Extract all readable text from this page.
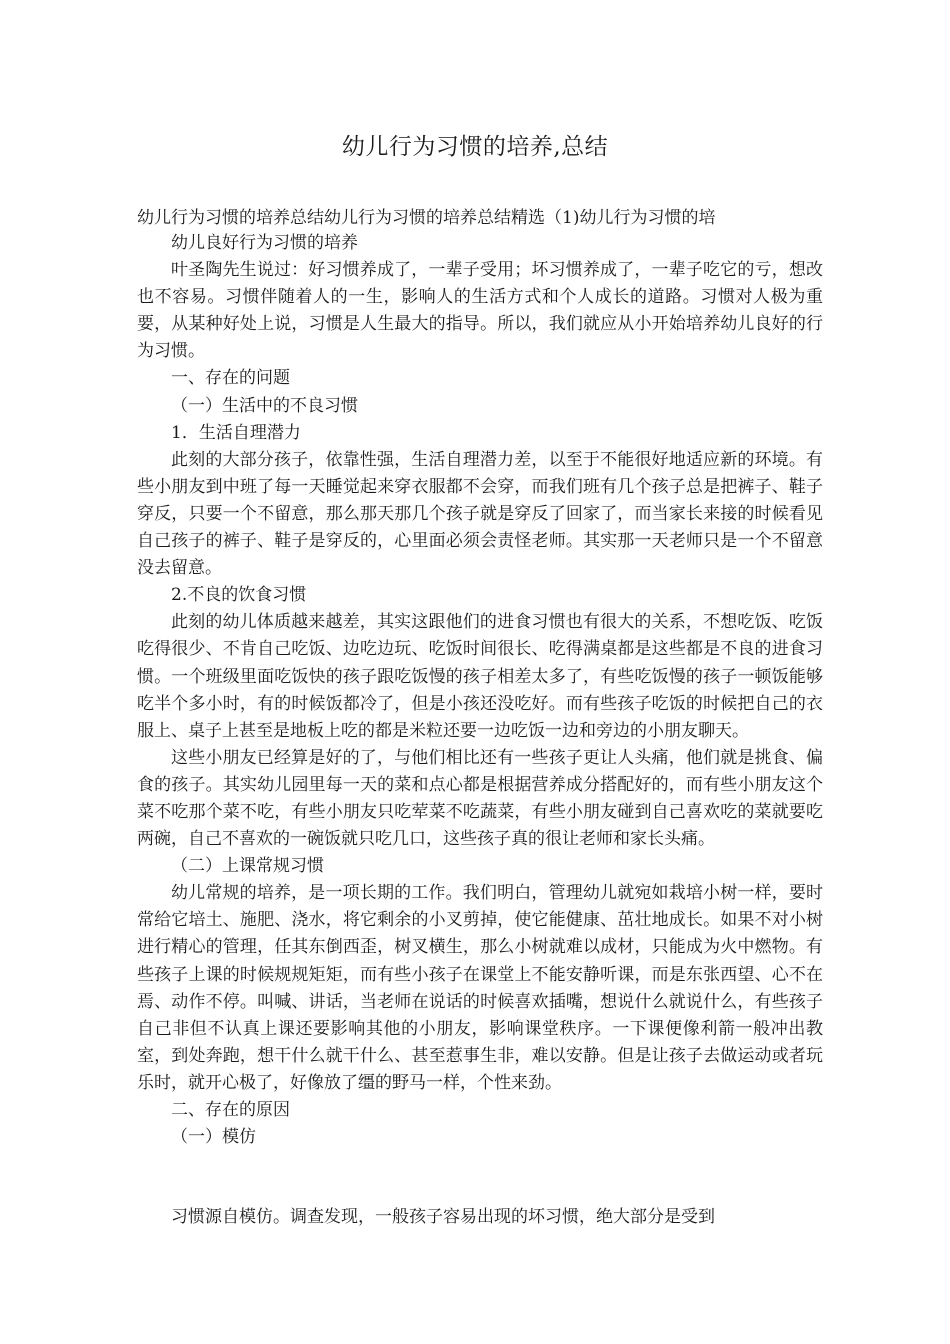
幼儿行为习惯的培养,总结
幼儿行为习惯的培养总结幼儿行为习惯的培养总结精选（1)幼儿行为习惯的培

幼儿良好行为习惯的培养

叶圣陶先生说过：好习惯养成了，一辈子受用；坏习惯养成了，一辈子吃它的亏，想改也不容易。习惯伴随着人的一生，影响人的生活方式和个人成长的道路。习惯对人极为重要，从某种好处上说，习惯是人生最大的指导。所以，我们就应从小开始培养幼儿良好的行为习惯。

一、存在的问题

（一）生活中的不良习惯

1．生活自理潜力

此刻的大部分孩子，依靠性强，生活自理潜力差，以至于不能很好地适应新的环境。有些小朋友到中班了每一天睡觉起来穿衣服都不会穿，而我们班有几个孩子总是把裤子、鞋子穿反，只要一个不留意，那么那天那几个孩子就是穿反了回家了，而当家长来接的时候看见自己孩子的裤子、鞋子是穿反的，心里面必须会责怪老师。其实那一天老师只是一个不留意没去留意。

2.不良的饮食习惯

此刻的幼儿体质越来越差，其实这跟他们的进食习惯也有很大的关系，不想吃饭、吃饭吃得很少、不肯自己吃饭、边吃边玩、吃饭时间很长、吃得满桌都是这些都是不良的进食习惯。一个班级里面吃饭快的孩子跟吃饭慢的孩子相差太多了，有些吃饭慢的孩子一顿饭能够吃半个多小时，有的时候饭都冷了，但是小孩还没吃好。而有些孩子吃饭的时候把自己的衣服上、桌子上甚至是地板上吃的都是米粒还要一边吃饭一边和旁边的小朋友聊天。

这些小朋友已经算是好的了，与他们相比还有一些孩子更让人头痛，他们就是挑食、偏食的孩子。其实幼儿园里每一天的菜和点心都是根据营养成分搭配好的，而有些小朋友这个菜不吃那个菜不吃，有些小朋友只吃荤菜不吃蔬菜，有些小朋友碰到自己喜欢吃的菜就要吃两碗，自己不喜欢的一碗饭就只吃几口，这些孩子真的很让老师和家长头痛。

（二）上课常规习惯

幼儿常规的培养，是一项长期的工作。我们明白，管理幼儿就宛如栽培小树一样，要时常给它培土、施肥、浇水，将它剩余的小叉剪掉，使它能健康、茁壮地成长。如果不对小树进行精心的管理，任其东倒西歪，树叉横生，那么小树就难以成材，只能成为火中燃物。有些孩子上课的时候规规矩矩，而有些小孩子在课堂上不能安静听课，而是东张西望、心不在焉、动作不停。叫喊、讲话，当老师在说话的时候喜欢插嘴，想说什么就说什么，有些孩子自己非但不认真上课还要影响其他的小朋友，影响课堂秩序。一下课便像利箭一般冲出教室，到处奔跑，想干什么就干什么、甚至惹事生非，难以安静。但是让孩子去做运动或者玩乐时，就开心极了，好像放了缰的野马一样，个性来劲。

二、存在的原因

（一）模仿

习惯源自模仿。调查发现，一般孩子容易出现的坏习惯，绝大部分是受到
